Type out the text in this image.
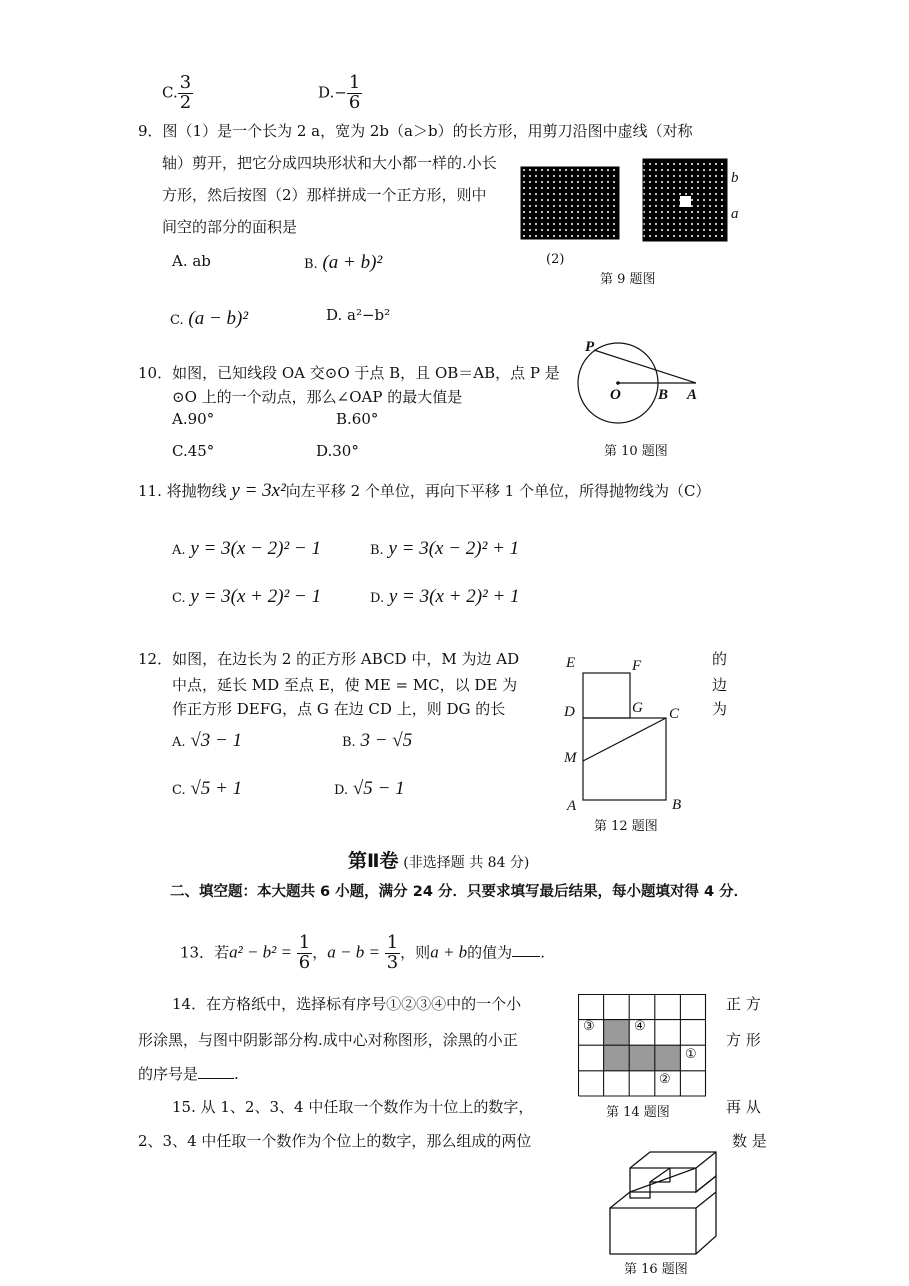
C. $\frac{3}{2}$	$D.- \frac{1}{6}$
9．图（1）是一个长为 2 a，宽为 2b（a＞b）的长方形，用剪刀沿图中虚线（对称
轴）剪开，把它分成四块形状和大小都一样的.小长
方形，然后按图（2）那样拼成一个正方形，则中
间空的部分的面积是
A. ab	B. (a + b)²
C. (a − b)²	D. a²−b²
b
a
(2)
第 9 题图
10．如图，已知线段 OA 交⊙O 于点 B，且 OB＝AB，点 P 是
⊙O 上的一个动点，那么∠OAP 的最大值是
A.90°	B.60°
C.45°	D.30°
P
O B A
第 10 题图
11. 将抛物线 y = 3x²向左平移 2 个单位，再向下平移 1 个单位，所得抛物线为（C）
A. y = 3(x − 2)² − 1	B. y = 3(x − 2)² + 1
C. y = 3(x + 2)² − 1	D. y = 3(x + 2)² + 1
12．如图，在边长为 2 的正方形 ABCD 中，M 为边 AD
中点，延长 MD 至点 E，使 ME = MC，以 DE 为
作正方形 DEFG，点 G 在边 CD 上，则 DG 的长
的
边
为
A. √3 − 1	B. 3 − √5
C. √5 + 1	D. √5 − 1
E	F
D	G C
M
A	B
第 12 题图
第Ⅱ卷 (非选择题 共 84 分)
二、填空题：本大题共 6 小题，满分 24 分．只要求填写最后结果，每小题填对得 4 分．
13．若$a^2 - b^2 = \frac{1}{6}$ ，$a - b = \frac{1}{3}$ ，则a + b的值为 .
14．在方格纸中，选择标有序号①②③④中的一个小
形涂黑，与图中阴影部分构.成中心对称图形，涂黑的小正
的序号是 .
正 方
方 形
③	④
①
②
第 14 题图
15. 从 1、2、3、4 中任取一个数作为十位上的数字，
2、3、4 中任取一个数作为个位上的数字，那么组成的两位
再 从
数 是
第 16 题图
